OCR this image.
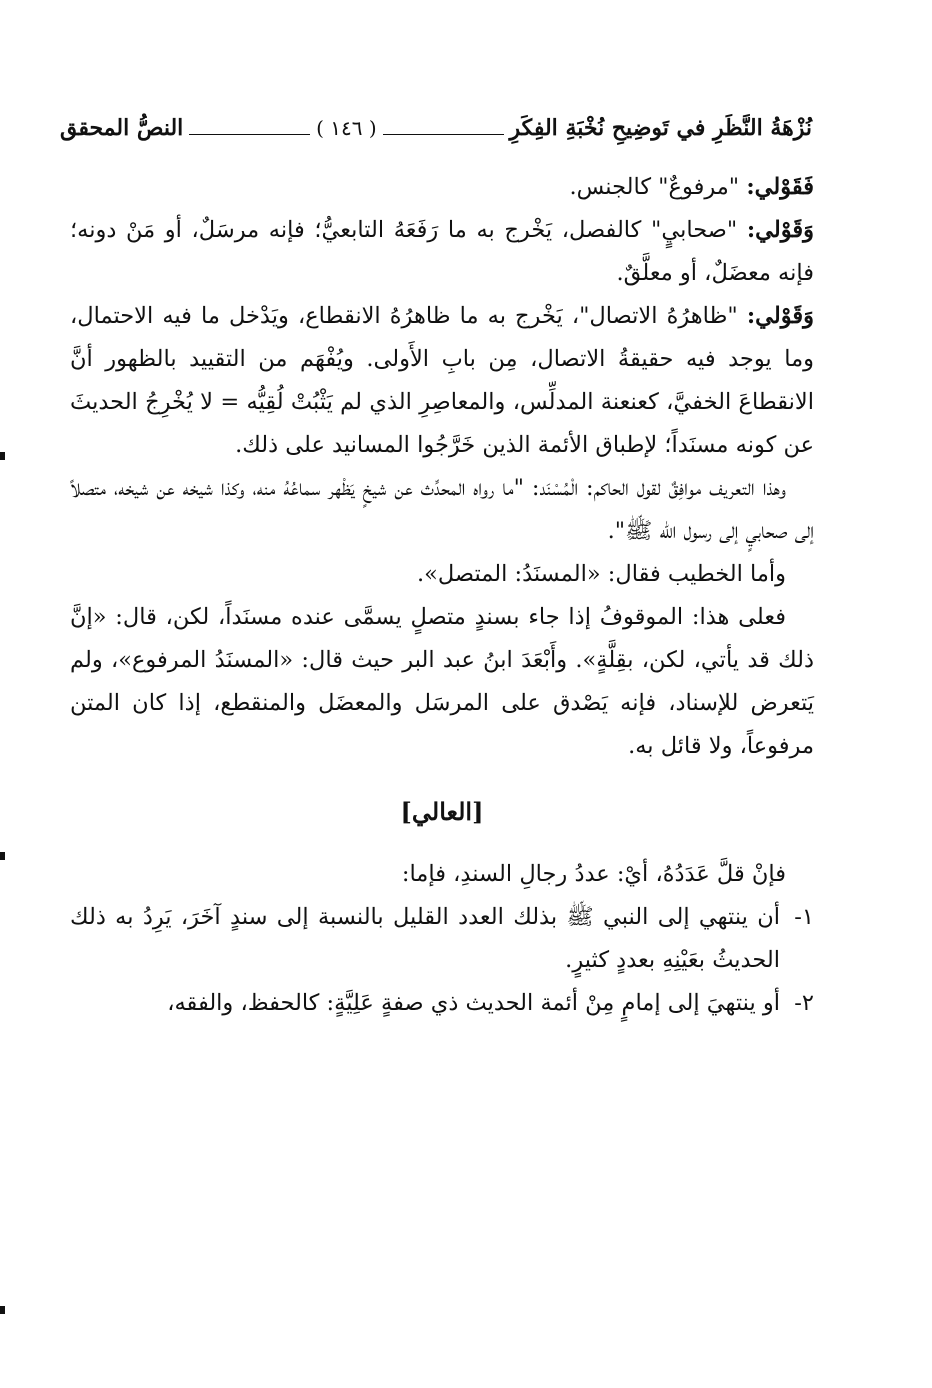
نُزْهَةُ النَّظَرِ في تَوضِيحِ نُخْبَةِ الفِكَرِ
( ١٤٦ )
النصُّ المحقق

فَقَوْلي: "مرفوعٌ" كالجنس.

وَقَوْلي: "صحابيٍ" كالفصل، يَخْرج به ما رَفَعَهُ التابعيُّ؛ فإنه مرسَلٌ، أو مَنْ دونه؛ فإنه معضَلٌ، أو معلَّقٌ.

وَقَوْلي: "ظاهرُهُ الاتصال"، يَخْرج به ما ظاهرُهُ الانقطاع، ويَدْخل ما فيه الاحتمال، وما يوجد فيه حقيقةُ الاتصال، مِن بابِ الأَولى. ويُفْهَم من التقييد بالظهور أنَّ الانقطاعَ الخفيَّ، كعنعنة المدلِّس، والمعاصِرِ الذي لم يَثْبُتْ لُقِيُّه = لا يُخْرِجُ الحديثَ عن كونه مسنَداً؛ لإطباق الأئمة الذين خَرَّجُوا المسانيد على ذلك.

وهذا التعريف موافِقٌ لقول الحاكم: الْمُسْنَد: "ما رواه المحدِّث عن شيخٍ يَظْهر سماعُهُ منه، وكذا شيخه عن شيخه، متصلاً إلى صحابيٍ إلى رسول الله ﷺ".

وأما الخطيب فقال: «المسنَدُ: المتصل».

فعلى هذا: الموقوفُ إذا جاء بسندٍ متصلٍ يسمَّى عنده مسنَداً، لكن، قال: «إنَّ ذلك قد يأتي، لكن، بقِلَّةٍ». وأَبْعَدَ ابنُ عبد البر حيث قال: «المسنَدُ المرفوع»، ولم يَتعرض للإسناد، فإنه يَصْدق على المرسَل والمعضَل والمنقطع، إذا كان المتن مرفوعاً، ولا قائل به.

[العالي]

فإنْ قلَّ عَدَدُهُ، أيْ: عددُ رجالِ السندِ، فإما:

١-
أن ينتهي إلى النبي ﷺ بذلك العدد القليل بالنسبة إلى سندٍ آخَرَ، يَرِدُ به ذلك الحديثُ بعَيْنِهِ بعددٍ كثيرٍ.
٢-
أو ينتهيَ إلى إمامٍ مِنْ أئمة الحديث ذي صفةٍ عَلِيَّةٍ: كالحفظ، والفقه،
